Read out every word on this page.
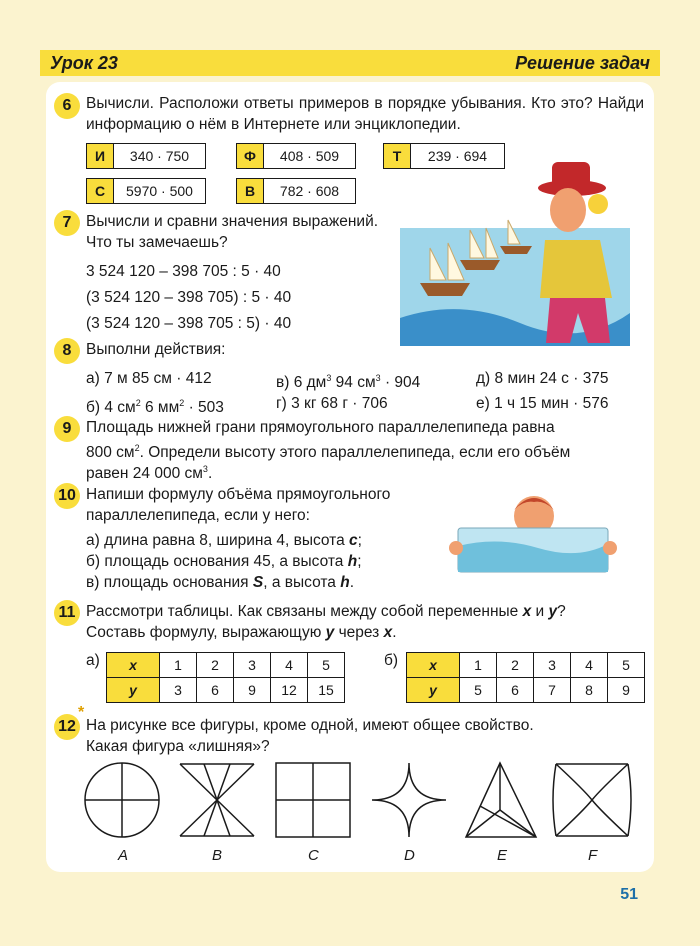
Урок 23	Решение задач
6 Вычисли. Расположи ответы примеров в порядке убывания. Кто это? Найди информацию о нём в Интернете или энциклопедии.
И	340 · 750	Ф	408 · 509	Т	239 · 694
С	5970 · 500	В	782 · 608
7 Вычисли и сравни значения выражений.
Что ты замечаешь?
3 524 120 – 398 705 : 5 · 40
(3 524 120 – 398 705) : 5 · 40
(3 524 120 – 398 705 : 5) · 40
8 Выполни действия:
а) 7 м 85 см · 412	в) 6 $дм^3$ 94 $см^3 \cdot 904$	д) 8 мин 24 с · 375
б) 4 $см^2$ 6 $мм^2 \cdot 503$	г) 3 кг 68 г · 706	е) 1 ч 15 мин · 576
9 Площадь нижней грани прямоугольного параллелепипеда равна
800 $см^2$. Определи высоту этого параллелепипеда, если его объём
равен 24 000 $см^3$.
10 Напиши формулу объёма прямоугольного
параллелепипеда, если у него:
а) длина равна 8, ширина 4, высота c;
б) площадь основания 45, а высота h;
в) площадь основания S, а высота h.
11 Рассмотри таблицы. Как связаны между собой переменные x и y?
Составь формулу, выражающую y через x.
а) x	1	2	3	4	5
y	3	6	9	12	15
б) x	1	2	3	4	5
y	5	6	7	8	9
12
*
На рисунке все фигуры, кроме одной, имеют общее свойство.
Какая фигура «лишняя»?
A	B	C	D	E	F
51
